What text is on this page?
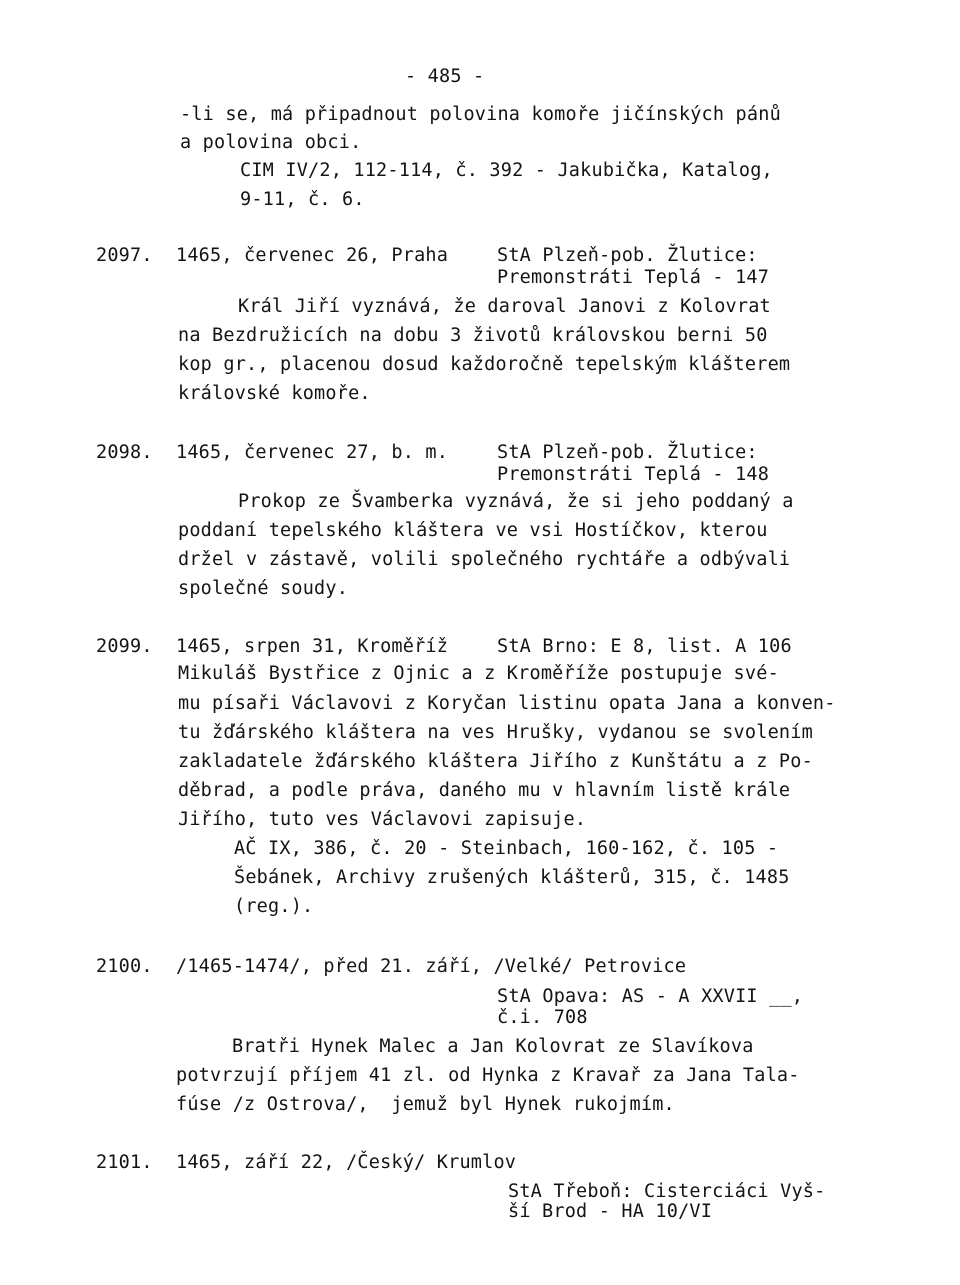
- 485 -
-li se, má připadnout polovina komoře jičínských pánů
a polovina obci.
CIM IV/2, 112-114, č. 392 - Jakubička, Katalog,
9-11, č. 6.
2097. 1465, červenec 26, Praha	StA Plzeň-pob. Žlutice:
Premonstráti Teplá - 147
Král Jiří vyznává, že daroval Janovi z Kolovrat
na Bezdružicích na dobu 3 životů královskou berni 50
kop gr., placenou dosud každoročně tepelským klášterem
královské komoře.
2098. 1465, červenec 27, b. m.	StA Plzeň-pob. Žlutice:
Premonstráti Teplá - 148
Prokop ze Švamberka vyznává, že si jeho poddaný a
poddaní tepelského kláštera ve vsi Hostíčkov, kterou
držel v zástavě, volili společného rychtáře a odbývali
společné soudy.
2099. 1465, srpen 31, Kroměříž	StA Brno: E 8, list. A 106
Mikuláš Bystřice z Ojnic a z Kroměříže postupuje své-
mu písaři Václavovi z Koryčan listinu opata Jana a konven-
tu žďárského kláštera na ves Hrušky, vydanou se svolením
zakladatele žďárského kláštera Jiřího z Kunštátu a z Po-
děbrad, a podle práva, daného mu v hlavním listě krále
Jiřího, tuto ves Václavovi zapisuje.
AČ IX, 386, č. 20 - Steinbach, 160-162, č. 105 -
Šebánek, Archivy zrušených klášterů, 315, č. 1485
(reg.).
2100. /1465-1474/, před 21. září, /Velké/ Petrovice
StA Opava: AS - A XXVII __,
č.i. 708
Bratři Hynek Malec a Jan Kolovrat ze Slavíkova
potvrzují příjem 41 zl. od Hynka z Kravař za Jana Tala-
fúse /z Ostrova/,  jemuž byl Hynek rukojmím.
2101. 1465, září 22, /Český/ Krumlov
StA Třeboň: Cisterciáci Vyš-
ší Brod - HA 10/VI
